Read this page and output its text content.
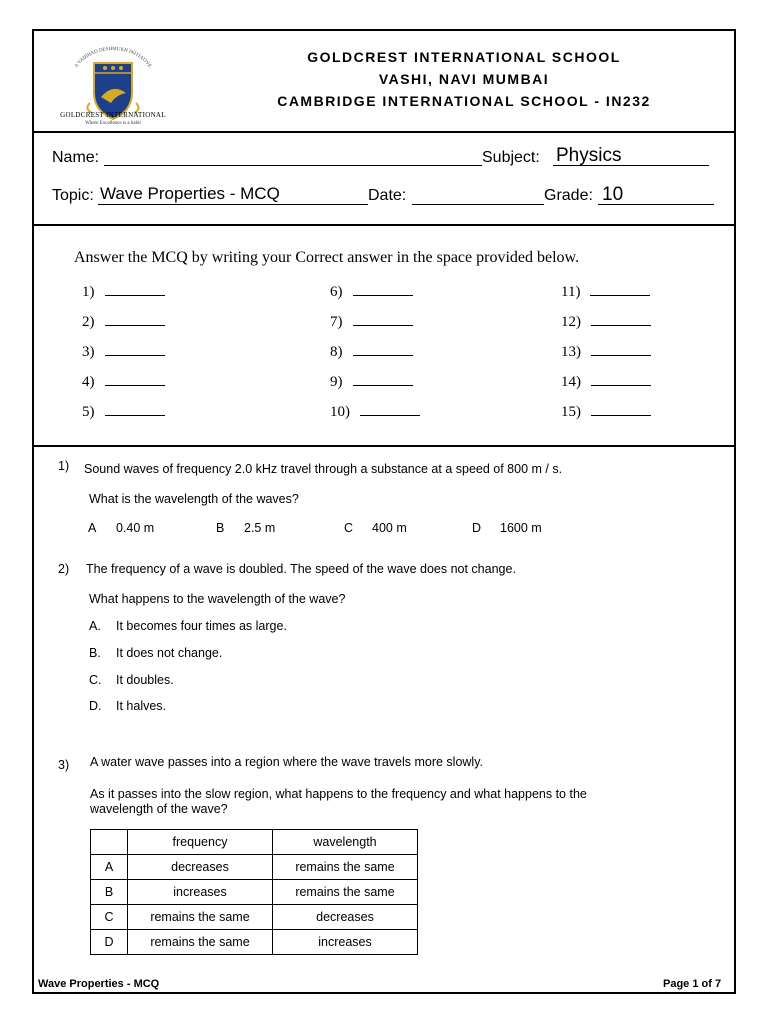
A VAIBHAO DESHMUKH INITIATIVE
GOLDCREST INTERNATIONAL
Where Excellence is a habit
GOLDCREST INTERNATIONAL SCHOOL
VASHI, NAVI MUMBAI
CAMBRIDGE INTERNATIONAL SCHOOL - IN232
Name:	Subject: Physics
Topic: Wave Properties - MCQ	Date:	Grade: 10
Answer the MCQ by writing your Correct answer in the space provided below.
1)
2)
3)
4)
5)
6)
7)
8)
9)
10)
11)
12)
13)
14)
15)
1) Sound waves of frequency 2.0 kHz travel through a substance at a speed of 800 m / s.
What is the wavelength of the waves?
A 0.40 m	B 2.5 m	C 400 m	D 1600 m
2) The frequency of a wave is doubled. The speed of the wave does not change.
What happens to the wavelength of the wave?
A. It becomes four times as large.
B. It does not change.
C. It doubles.
D. It halves.
3) A water wave passes into a region where the wave travels more slowly.
As it passes into the slow region, what happens to the frequency and what happens to the
wavelength of the wave?
	frequency	wavelength
A	decreases	remains the same
B	increases	remains the same
C	remains the same	decreases
D	remains the same	increases
Wave Properties - MCQ	Page 1 of 7
